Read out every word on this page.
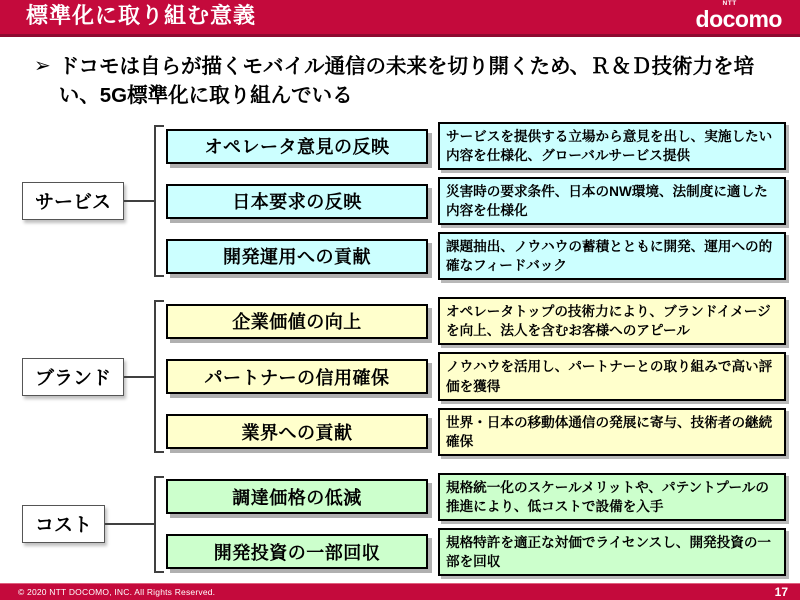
標準化に取り組む意義	NTT
docomo
➢ ドコモは自らが描くモバイル通信の未来を切り開くため、Ｒ＆Ｄ技術力を培い、5G標準化に取り組んでいる
サービス
オペレータ意見の反映
サービスを提供する立場から意見を出し、実施したい内容を仕様化、グローバルサービス提供
日本要求の反映
災害時の要求条件、日本のNW環境、法制度に適した内容を仕様化
開発運用への貢献
課題抽出、ノウハウの蓄積とともに開発、運用への的確なフィードバック
ブランド
企業価値の向上
オペレータトップの技術力により、ブランドイメージを向上、法人を含むお客様へのアピール
パートナーの信用確保
ノウハウを活用し、パートナーとの取り組みで高い評価を獲得
業界への貢献
世界・日本の移動体通信の発展に寄与、技術者の継続確保
コスト
調達価格の低減
規格統一化のスケールメリットや、パテントプールの推進により、低コストで設備を入手
開発投資の一部回収
規格特許を適正な対価でライセンスし、開発投資の一部を回収
© 2020 NTT DOCOMO, INC. All Rights Reserved.	17
